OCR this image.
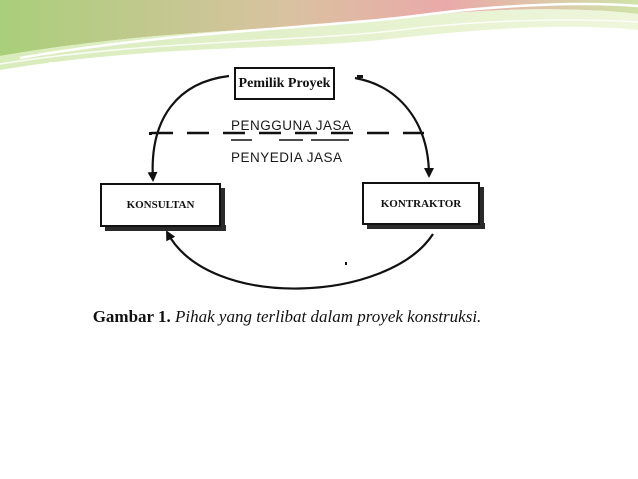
Pemilik Proyek
KONSULTAN	KONTRAKTOR
PENGGUNA JASA
PENYEDIA JASA
Gambar 1. Pihak yang terlibat dalam proyek konstruksi.
